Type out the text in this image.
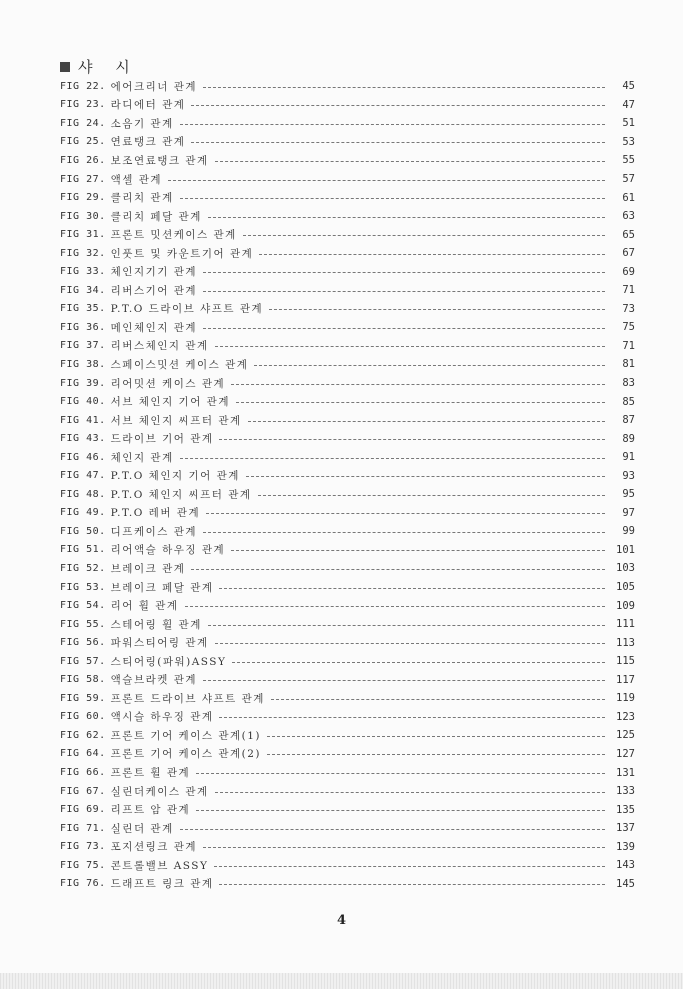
샤 시
FIG 22. 에어크리너 관계	45
FIG 23. 라디에터 관계	47
FIG 24. 소음기 관계	51
FIG 25. 연료탱크 관계	53
FIG 26. 보조연료탱크 관계	55
FIG 27. 액셀 관계	57
FIG 29. 클리치 관계	61
FIG 30. 클리치 페달 관계	63
FIG 31. 프론트 밋션케이스 관계	65
FIG 32. 인풋트 및 카운트기어 관계	67
FIG 33. 체인지기기 관계	69
FIG 34. 리버스기어 관계	71
FIG 35. P.T.O 드라이브 샤프트 관계	73
FIG 36. 메인체인지 관계	75
FIG 37. 리버스체인지 관계	71
FIG 38. 스페이스밋션 케이스 관계	81
FIG 39. 리어밋션 케이스 관계	83
FIG 40. 서브 체인지 기어 관계	85
FIG 41. 서브 체인지 씨프터 관계	87
FIG 43. 드라이브 기어 관계	89
FIG 46. 체인지 관계	91
FIG 47. P.T.O 체인지 기어 관계	93
FIG 48. P.T.O 체인지 씨프터 관계	95
FIG 49. P.T.O 레버 관계	97
FIG 50. 디프케이스 관계	99
FIG 51. 리어액슬 하우징 관계	101
FIG 52. 브레이크 관계	103
FIG 53. 브레이크 페달 관계	105
FIG 54. 리어 휠 관계	109
FIG 55. 스테어링 휠 관계	111
FIG 56. 파워스티어링 관계	113
FIG 57. 스티어링(파워)ASSY	115
FIG 58. 액슬브라켓 관계	117
FIG 59. 프론트 드라이브 샤프트 관계	119
FIG 60. 액시슬 하우징 관계	123
FIG 62. 프론트 기어 케이스 관계(1)	125
FIG 64. 프론트 기어 케이스 관계(2)	127
FIG 66. 프론트 휠 관계	131
FIG 67. 실린더케이스 관계	133
FIG 69. 리프트 암 관계	135
FIG 71. 실린더 관계	137
FIG 73. 포지션링크 관계	139
FIG 75. 콘트롤밸브 ASSY	143
FIG 76. 드래프트 링크 관계	145
4
